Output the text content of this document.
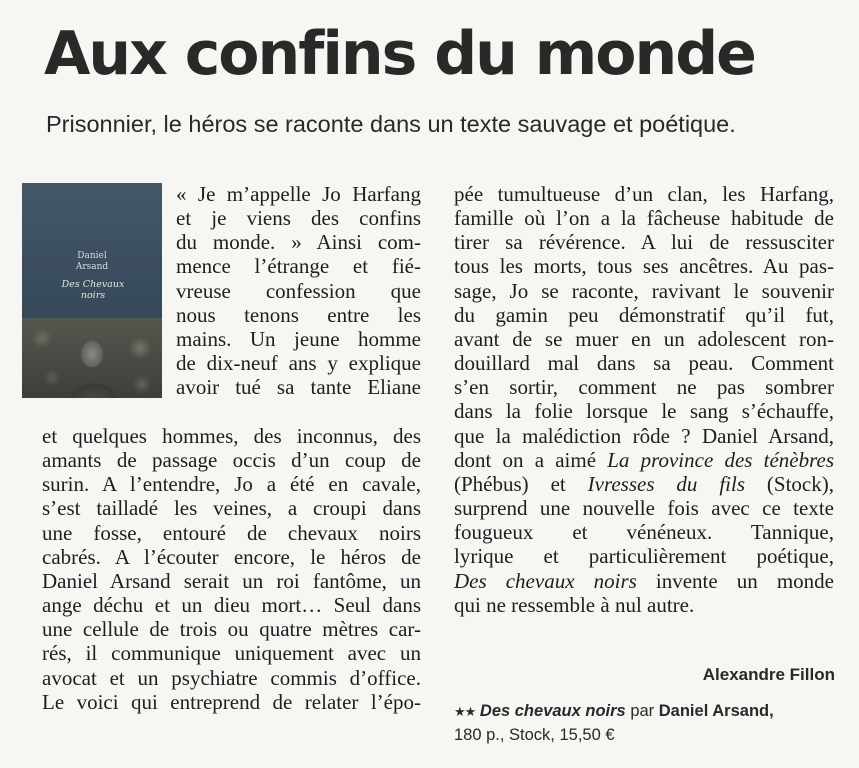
Aux confins du monde

Prisonnier, le héros se raconte dans un texte sauvage et poétique.

Daniel
Arsand
Des Chevaux
noirs
« Je m’appelle Jo Harfang
et je viens des confins
du monde. » Ainsi com-
mence l’étrange et fié-
vreuse confession que
nous tenons entre les
mains. Un jeune homme
de dix-neuf ans y explique
avoir tué sa tante Eliane
et quelques hommes, des inconnus, des
amants de passage occis d’un coup de
surin. A l’entendre, Jo a été en cavale,
s’est tailladé les veines, a croupi dans
une fosse, entouré de chevaux noirs
cabrés. A l’écouter encore, le héros de
Daniel Arsand serait un roi fantôme, un
ange déchu et un dieu mort… Seul dans
une cellule de trois ou quatre mètres car-
rés, il communique uniquement avec un
avocat et un psychiatre commis d’office.
Le voici qui entreprend de relater l’épo-
pée tumultueuse d’un clan, les Harfang,
famille où l’on a la fâcheuse habitude de
tirer sa révérence. A lui de ressusciter
tous les morts, tous ses ancêtres. Au pas-
sage, Jo se raconte, ravivant le souvenir
du gamin peu démonstratif qu’il fut,
avant de se muer en un adolescent ron-
douillard mal dans sa peau. Comment
s’en sortir, comment ne pas sombrer
dans la folie lorsque le sang s’échauffe,
que la malédiction rôde ? Daniel Arsand,
dont on a aimé La province des ténèbres
(Phébus) et Ivresses du fils (Stock),
surprend une nouvelle fois avec ce texte
fougueux et vénéneux. Tannique,
lyrique et particulièrement poétique,
Des chevaux noirs invente un monde
qui ne ressemble à nul autre.
Alexandre Fillon
★★ Des chevaux noirs par Daniel Arsand,
180 p., Stock, 15,50 €
